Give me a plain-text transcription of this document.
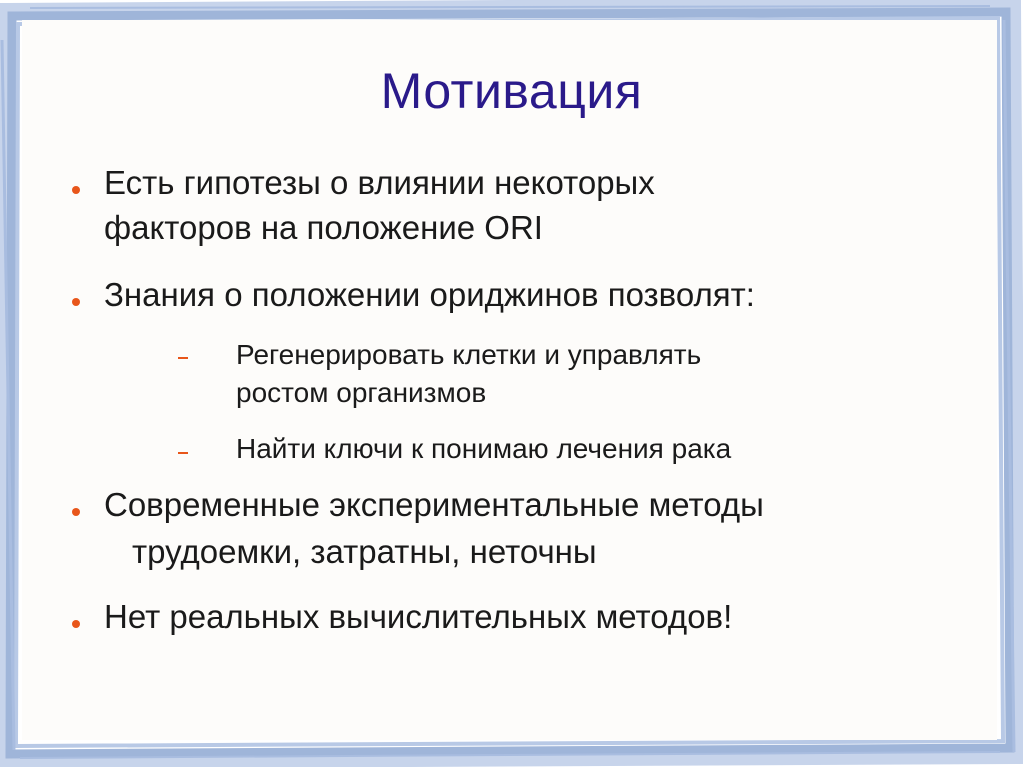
Мотивация
Есть гипотезы о влиянии некоторых
факторов на положение ORI
Знания о положении ориджинов позволят:
Регенерировать клетки и управлять
ростом организмов
Найти ключи к понимаю лечения рака
Современные экспериментальные методы
трудоемки, затратны, неточны
Нет реальных вычислительных методов!
